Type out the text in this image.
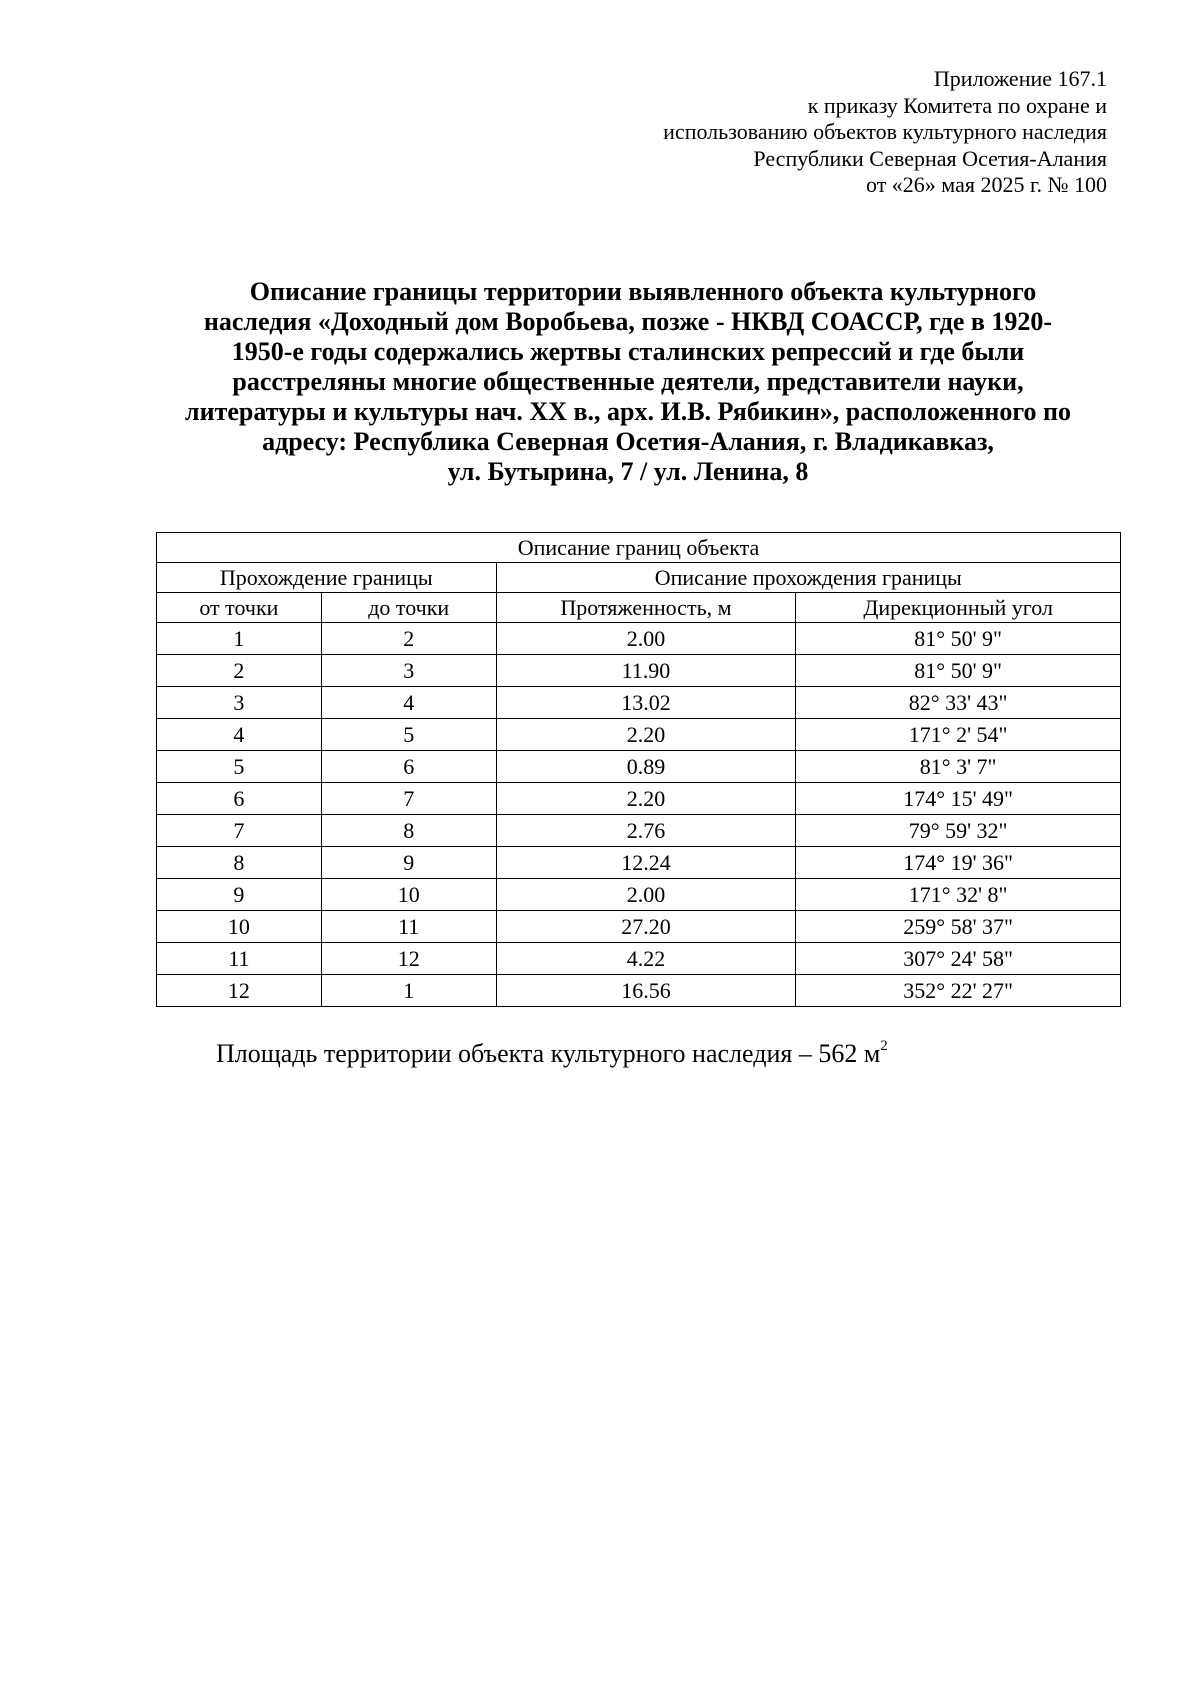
Приложение 167.1
к приказу Комитета по охране и
использованию объектов культурного наследия
Республики Северная Осетия-Алания
от «26» мая 2025 г. № 100
Описание границы территории выявленного объекта культурного
наследия «Доходный дом Воробьева, позже - НКВД СОАССР, где в 1920-
1950-е годы содержались жертвы сталинских репрессий и где были
расстреляны многие общественные деятели, представители науки,
литературы и культуры нач. XX в., арх. И.В. Рябикин», расположенного по
адресу: Республика Северная Осетия-Алания, г. Владикавказ,
ул. Бутырина, 7 / ул. Ленина, 8
Описание границ объекта			
Прохождение границы		Описание прохождения границы	
от точки	до точки	Протяженность, м	Дирекционный угол
1	2	2.00	81° 50' 9"
2	3	11.90	81° 50' 9"
3	4	13.02	82° 33' 43"
4	5	2.20	171° 2' 54"
5	6	0.89	81° 3' 7"
6	7	2.20	174° 15' 49"
7	8	2.76	79° 59' 32"
8	9	12.24	174° 19' 36"
9	10	2.00	171° 32' 8"
10	11	27.20	259° 58' 37"
11	12	4.22	307° 24' 58"
12	1	16.56	352° 22' 27"
Площадь территории объекта культурного наследия – 562 $м^2$
